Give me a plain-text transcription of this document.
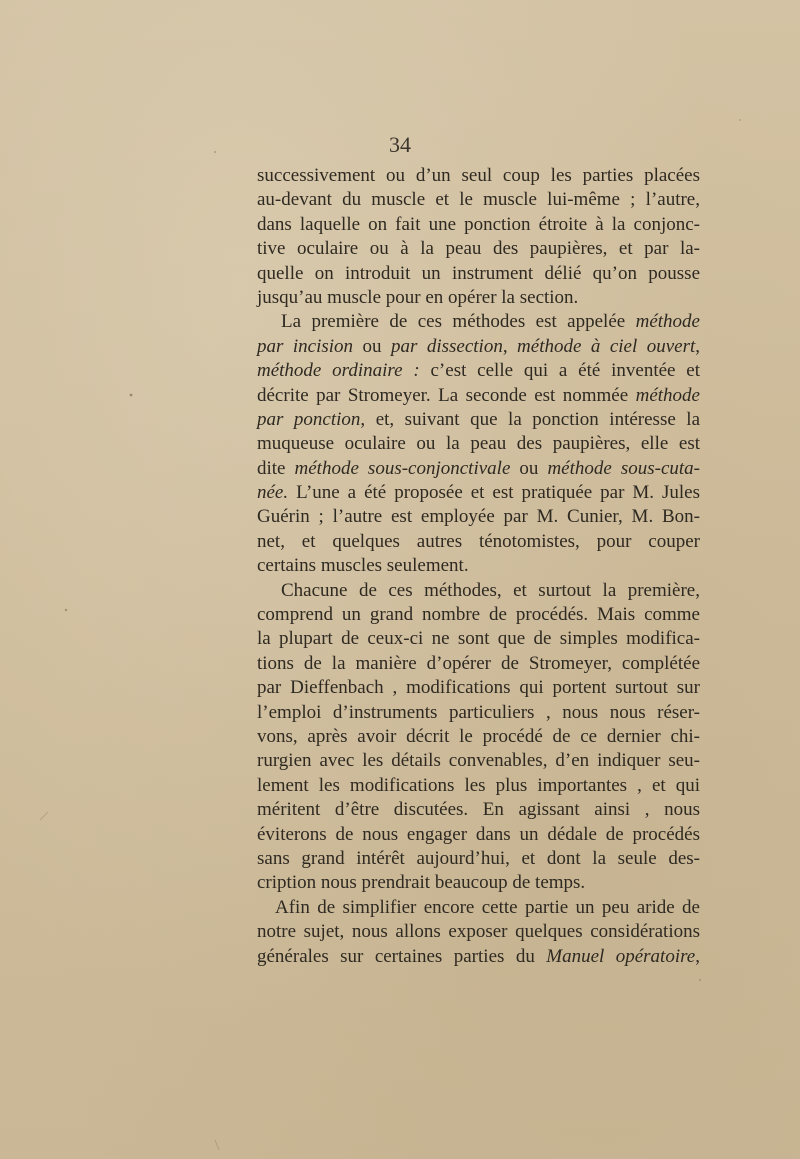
34
successivement ou d’un seul coup les parties placées
au-devant du muscle et le muscle lui-même ; l’autre,
dans laquelle on fait une ponction étroite à la conjonc-
tive oculaire ou à la peau des paupières, et par la-
quelle on introduit un instrument délié qu’on pousse
jusqu’au muscle pour en opérer la section.
La première de ces méthodes est appelée méthode
par incision ou par dissection, méthode à ciel ouvert,
méthode ordinaire : c’est celle qui a été inventée et
décrite par Stromeyer. La seconde est nommée méthode
par ponction, et, suivant que la ponction intéresse la
muqueuse oculaire ou la peau des paupières, elle est
dite méthode sous-conjonctivale ou méthode sous-cuta-
née. L’une a été proposée et est pratiquée par M. Jules
Guérin ; l’autre est employée par M. Cunier, M. Bon-
net, et quelques autres ténotomistes, pour couper
certains muscles seulement.
Chacune de ces méthodes, et surtout la première,
comprend un grand nombre de procédés. Mais comme
la plupart de ceux-ci ne sont que de simples modifica-
tions de la manière d’opérer de Stromeyer, complétée
par Dieffenbach , modifications qui portent surtout sur
l’emploi d’instruments particuliers , nous nous réser-
vons, après avoir décrit le procédé de ce dernier chi-
rurgien avec les détails convenables, d’en indiquer seu-
lement les modifications les plus importantes , et qui
méritent d’être discutées. En agissant ainsi , nous
éviterons de nous engager dans un dédale de procédés
sans grand intérêt aujourd’hui, et dont la seule des-
cription nous prendrait beaucoup de temps.
Afin de simplifier encore cette partie un peu aride de
notre sujet, nous allons exposer quelques considérations
générales sur certaines parties du Manuel opératoire,
